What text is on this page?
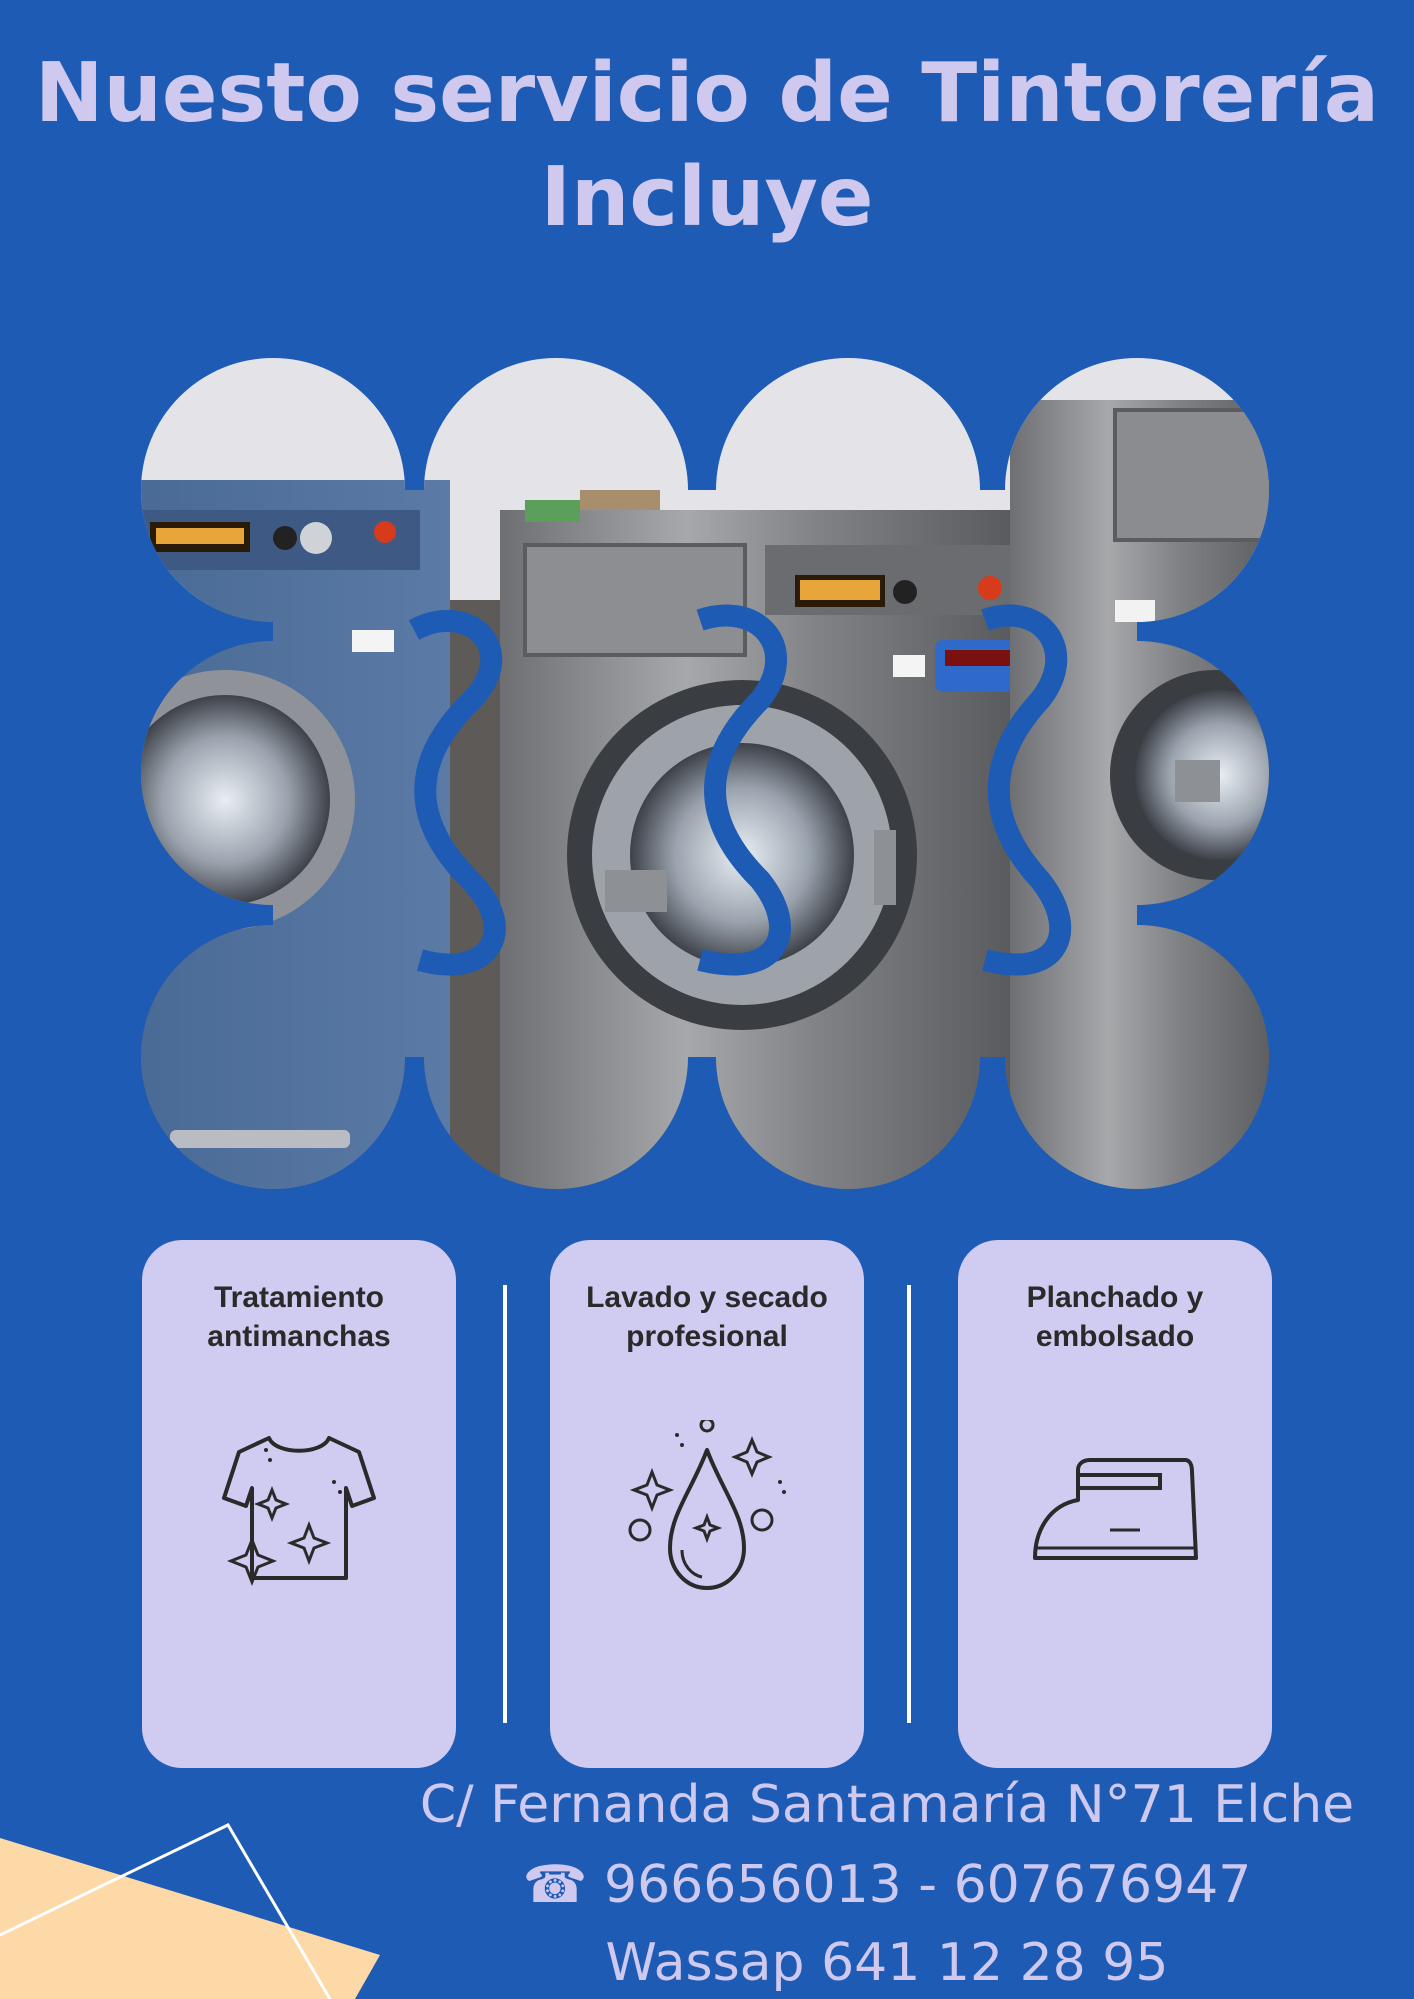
Nuesto servicio de Tintorería
Incluye
Tratamiento
antimanchas
Lavado y secado
profesional
Planchado y
embolsado
C/ Fernanda Santamaría N°71 Elche
☎ 966656013 - 607676947
Wassap 641 12 28 95
